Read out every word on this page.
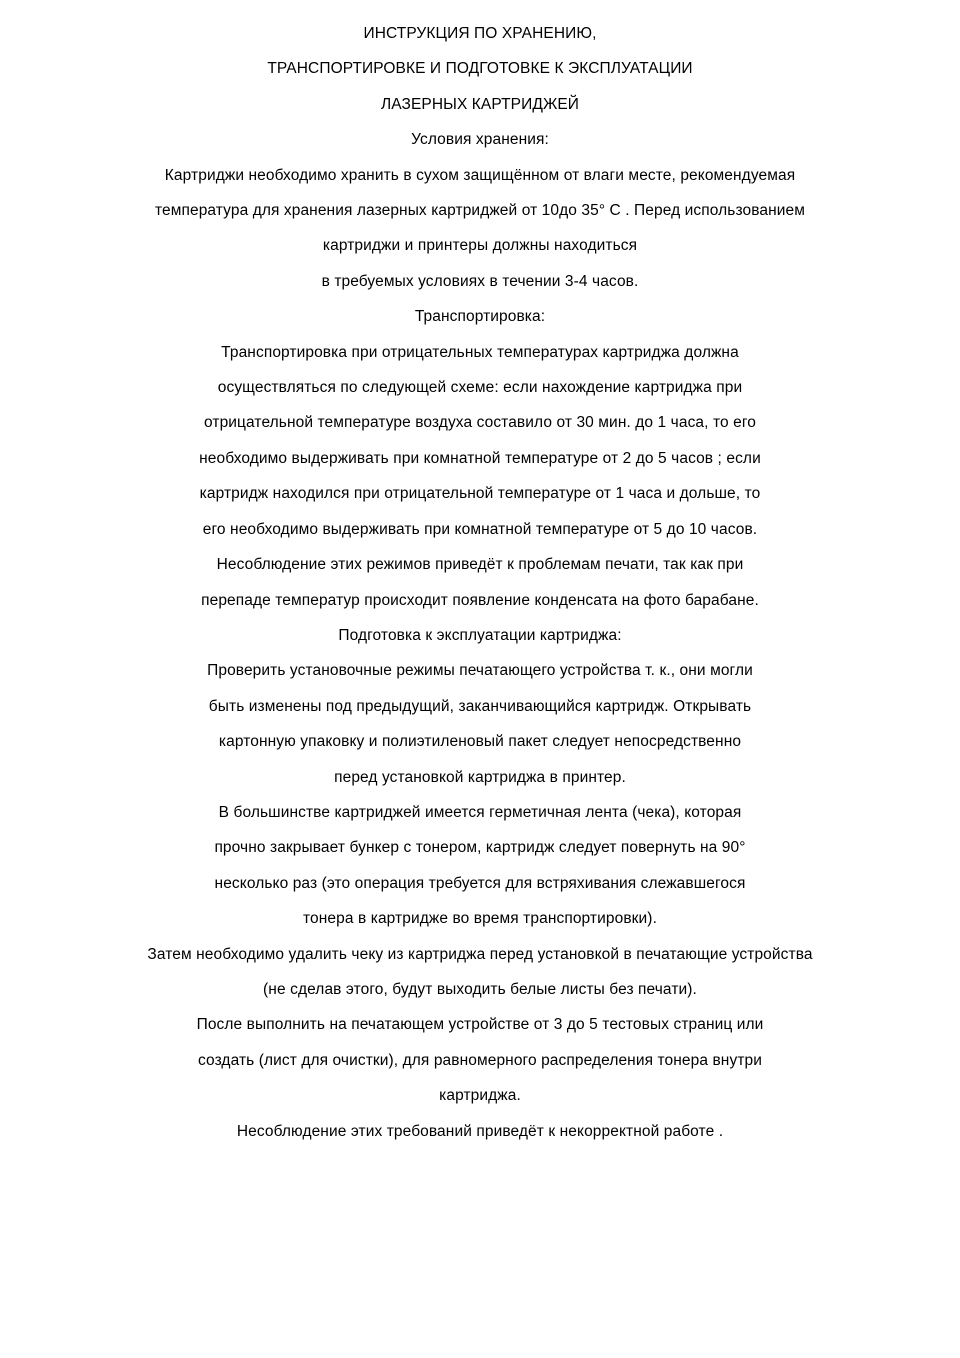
ИНСТРУКЦИЯ ПО ХРАНЕНИЮ,
ТРАНСПОРТИРОВКЕ И ПОДГОТОВКЕ К ЭКСПЛУАТАЦИИ
ЛАЗЕРНЫХ КАРТРИДЖЕЙ
Условия хранения:
Картриджи необходимо хранить в сухом защищённом от влаги месте, рекомендуемая
температура для хранения лазерных картриджей от 10до 35° C . Перед использованием
картриджи и принтеры должны находиться
в требуемых условиях в течении 3-4 часов.
Транспортировка:
Транспортировка при отрицательных температурах картриджа должна
осуществляться по следующей схеме: если нахождение картриджа при
отрицательной температуре воздуха составило от 30 мин. до 1 часа, то его
необходимо выдерживать при комнатной температуре от 2 до 5 часов ; если
картридж находился при отрицательной температуре от 1 часа и дольше, то
его необходимо выдерживать при комнатной температуре от 5 до 10 часов.
Несоблюдение этих режимов приведёт к проблемам печати, так как при
перепаде температур происходит появление конденсата на фото барабане.
Подготовка к эксплуатации картриджа:
Проверить установочные режимы печатающего устройства т. к., они могли
быть изменены под предыдущий, заканчивающийся картридж. Открывать
картонную упаковку и полиэтиленовый пакет следует непосредственно
перед установкой картриджа в принтер.
В большинстве картриджей имеется герметичная лента (чека), которая
прочно закрывает бункер с тонером, картридж следует повернуть на 90°
несколько раз (это операция требуется для встряхивания слежавшегося
тонера в картридже во время транспортировки).
Затем необходимо удалить чеку из картриджа перед установкой в печатающие устройства
(не сделав этого, будут выходить белые листы без печати).
После выполнить на печатающем устройстве от 3 до 5 тестовых страниц или
создать (лист для очистки), для равномерного распределения тонера внутри
картриджа.
Несоблюдение этих требований приведёт к некорректной работе .
